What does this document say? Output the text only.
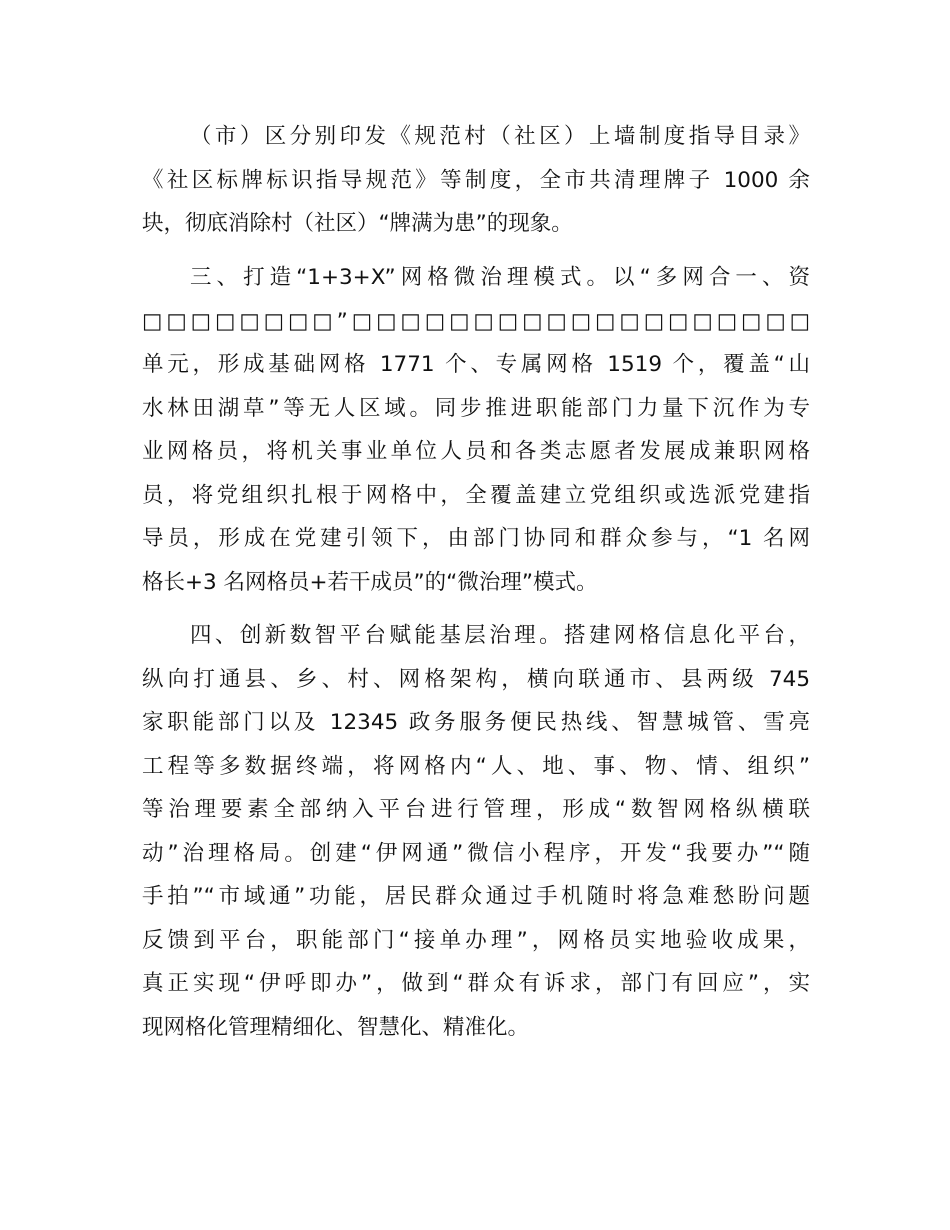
（市）区分别印发《规范村（社区）上墙制度指导目录》
《社区标牌标识指导规范》等制度，全市共清理牌子 1000 余
块，彻底消除村（社区）“牌满为患”的现象。
三、打造“1+3+X”网格微治理模式。以“多网合一、资
□□□□□□□□”□□□□□□□□□□□□□□□□□□□
单元，形成基础网格 1771 个、专属网格 1519 个，覆盖“山
水林田湖草”等无人区域。同步推进职能部门力量下沉作为专
业网格员，将机关事业单位人员和各类志愿者发展成兼职网格
员，将党组织扎根于网格中，全覆盖建立党组织或选派党建指
导员，形成在党建引领下，由部门协同和群众参与，“1 名网
格长+3 名网格员+若干成员”的“微治理”模式。
四、创新数智平台赋能基层治理。搭建网格信息化平台，
纵向打通县、乡、村、网格架构，横向联通市、县两级 745
家职能部门以及 12345 政务服务便民热线、智慧城管、雪亮
工程等多数据终端，将网格内“人、地、事、物、情、组织”
等治理要素全部纳入平台进行管理，形成“数智网格纵横联
动”治理格局。创建“伊网通”微信小程序，开发“我要办”“随
手拍”“市域通”功能，居民群众通过手机随时将急难愁盼问题
反馈到平台，职能部门“接单办理”，网格员实地验收成果，
真正实现“伊呼即办”，做到“群众有诉求，部门有回应”，实
现网格化管理精细化、智慧化、精准化。
